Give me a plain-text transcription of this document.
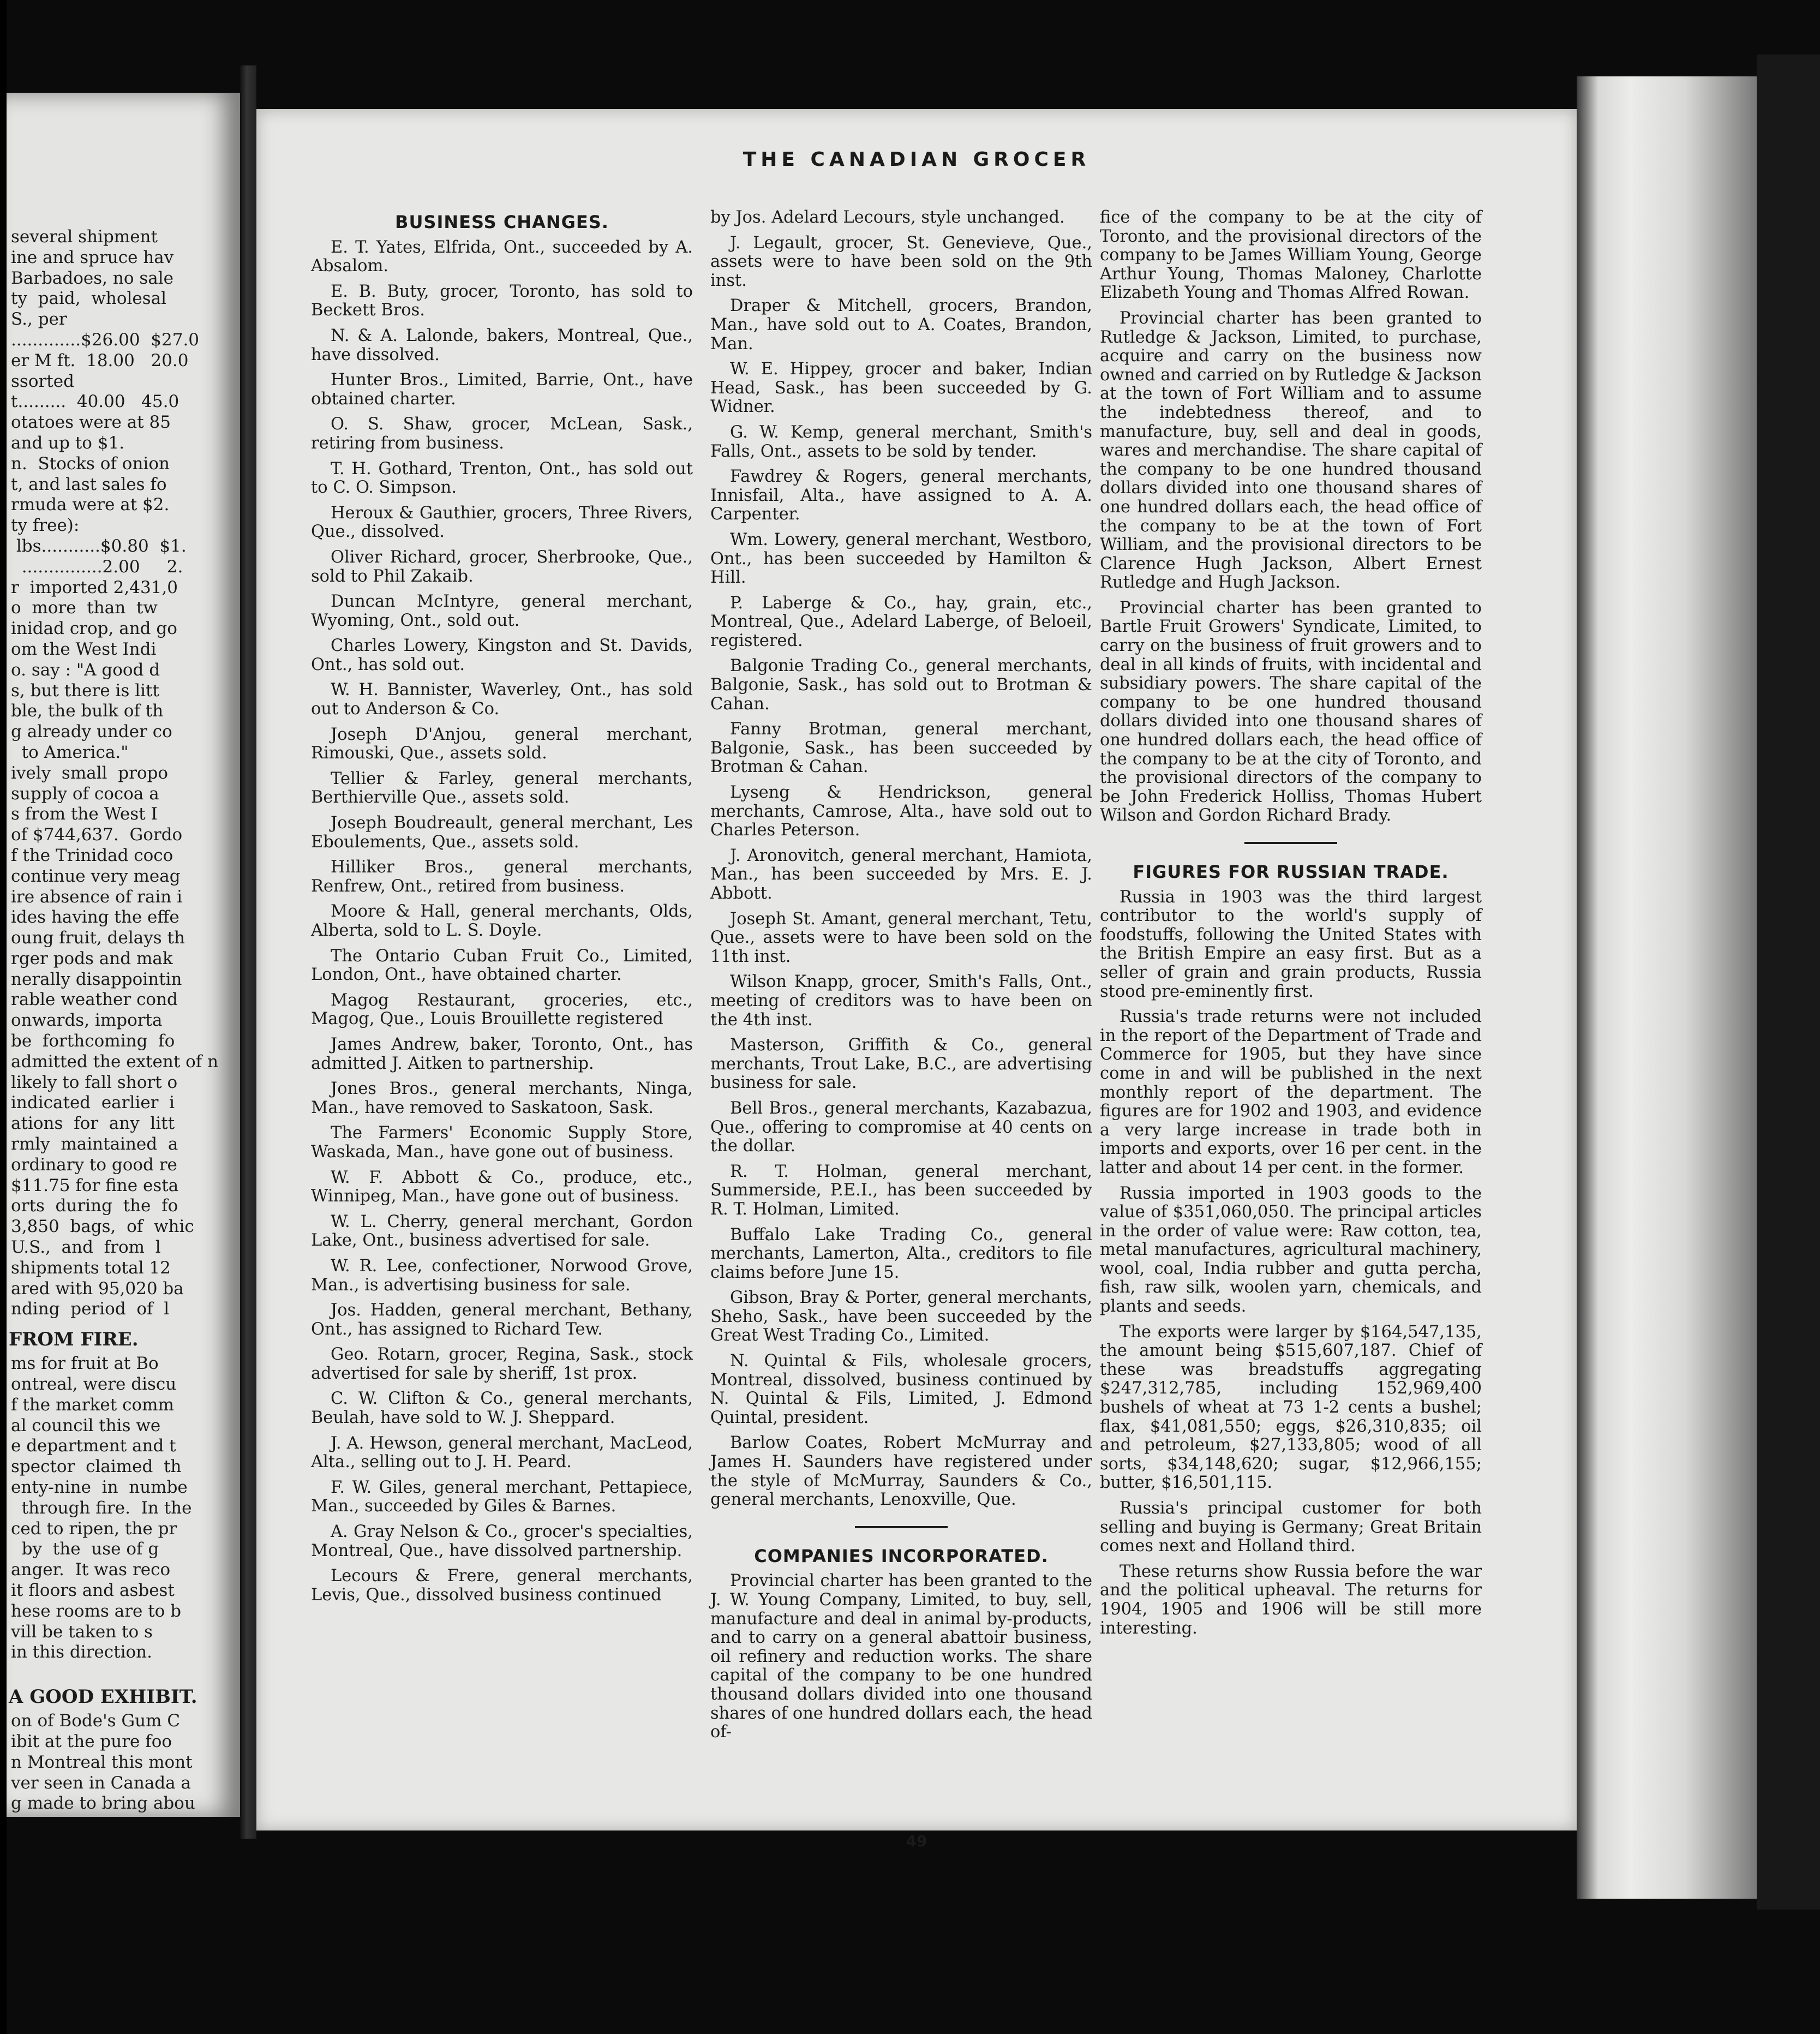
several shipment

ine and spruce hav

Barbadoes, no sale

ty  paid,  wholesal

S., per

.............$26.00  $27.0

er M ft.  18.00   20.0

ssorted

t.........  40.00   45.0

otatoes were at 85

and up to $1.

n.  Stocks of onion

t, and last sales fo

rmuda were at $2.

ty free):

lbs...........$0.80  $1.

...............2.00     2.

r  imported 2,431,0

o  more  than  tw

inidad crop, and go

om the West Indi

o. say : "A good d

s, but there is litt

ble, the bulk of th

g already under co

to America."

ively  small  propo

supply of cocoa a

s from the West I

of $744,637.  Gordo

f the Trinidad coco

continue very meag

ire absence of rain i

ides having the effe

oung fruit, delays th

rger pods and mak

nerally disappointin

rable weather cond

onwards, importa

be  forthcoming  fo

admitted the extent of n

likely to fall short o

indicated  earlier  i

ations  for  any  litt

rmly  maintained  a

ordinary to good re

$11.75 for fine esta

orts  during  the  fo

3,850  bags,  of  whic

U.S.,  and  from  l

shipments total 12

ared with 95,020 ba

nding  period  of  l

FROM FIRE.

ms for fruit at Bo

ontreal, were discu

f the market comm

al council this we

e department and t

spector  claimed  th

enty-nine  in  numbe

through fire.  In the

ced to ripen, the pr

by  the  use of g

anger.  It was reco

it floors and asbest

hese rooms are to b

vill be taken to s

in this direction.

A GOOD EXHIBIT.

on of Bode's Gum C

ibit at the pure foo

n Montreal this mont

ver seen in Canada a

g made to bring abou

THE CANADIAN GROCER
BUSINESS CHANGES.
E. T. Yates, Elfrida, Ont., succeeded by A. Absalom.
E. B. Buty, grocer, Toronto, has sold to Beckett Bros.
N. & A. Lalonde, bakers, Montreal, Que., have dissolved.
Hunter Bros., Limited, Barrie, Ont., have obtained charter.
O. S. Shaw, grocer, McLean, Sask., retiring from business.
T. H. Gothard, Trenton, Ont., has sold out to C. O. Simpson.
Heroux & Gauthier, grocers, Three Rivers, Que., dissolved.
Oliver Richard, grocer, Sherbrooke, Que., sold to Phil Zakaib.
Duncan McIntyre, general merchant, Wyoming, Ont., sold out.
Charles Lowery, Kingston and St. Davids, Ont., has sold out.
W. H. Bannister, Waverley, Ont., has sold out to Anderson & Co.
Joseph D'Anjou, general merchant, Rimouski, Que., assets sold.
Tellier & Farley, general merchants, Berthierville Que., assets sold.
Joseph Boudreault, general merchant, Les Eboulements, Que., assets sold.
Hilliker Bros., general merchants, Renfrew, Ont., retired from business.
Moore & Hall, general merchants, Olds, Alberta, sold to L. S. Doyle.
The Ontario Cuban Fruit Co., Limited, London, Ont., have obtained charter.
Magog Restaurant, groceries, etc., Magog, Que., Louis Brouillette registered
James Andrew, baker, Toronto, Ont., has admitted J. Aitken to partnership.
Jones Bros., general merchants, Ninga, Man., have removed to Saskatoon, Sask.
The Farmers' Economic Supply Store, Waskada, Man., have gone out of business.
W. F. Abbott & Co., produce, etc., Winnipeg, Man., have gone out of business.
W. L. Cherry, general merchant, Gordon Lake, Ont., business advertised for sale.
W. R. Lee, confectioner, Norwood Grove, Man., is advertising business for sale.
Jos. Hadden, general merchant, Bethany, Ont., has assigned to Richard Tew.
Geo. Rotarn, grocer, Regina, Sask., stock advertised for sale by sheriff, 1st prox.
C. W. Clifton & Co., general merchants, Beulah, have sold to W. J. Sheppard.
J. A. Hewson, general merchant, MacLeod, Alta., selling out to J. H. Peard.
F. W. Giles, general merchant, Pettapiece, Man., succeeded by Giles & Barnes.
A. Gray Nelson & Co., grocer's specialties, Montreal, Que., have dissolved partnership.
Lecours & Frere, general merchants, Levis, Que., dissolved business continued
by Jos. Adelard Lecours, style unchanged.
J. Legault, grocer, St. Genevieve, Que., assets were to have been sold on the 9th inst.
Draper & Mitchell, grocers, Brandon, Man., have sold out to A. Coates, Brandon, Man.
W. E. Hippey, grocer and baker, Indian Head, Sask., has been succeeded by G. Widner.
G. W. Kemp, general merchant, Smith's Falls, Ont., assets to be sold by tender.
Fawdrey & Rogers, general merchants, Innisfail, Alta., have assigned to A. A. Carpenter.
Wm. Lowery, general merchant, Westboro, Ont., has been succeeded by Hamilton & Hill.
P. Laberge & Co., hay, grain, etc., Montreal, Que., Adelard Laberge, of Beloeil, registered.
Balgonie Trading Co., general merchants, Balgonie, Sask., has sold out to Brotman & Cahan.
Fanny Brotman, general merchant, Balgonie, Sask., has been succeeded by Brotman & Cahan.
Lyseng & Hendrickson, general merchants, Camrose, Alta., have sold out to Charles Peterson.
J. Aronovitch, general merchant, Hamiota, Man., has been succeeded by Mrs. E. J. Abbott.
Joseph St. Amant, general merchant, Tetu, Que., assets were to have been sold on the 11th inst.
Wilson Knapp, grocer, Smith's Falls, Ont., meeting of creditors was to have been on the 4th inst.
Masterson, Griffith & Co., general merchants, Trout Lake, B.C., are advertising business for sale.
Bell Bros., general merchants, Kazabazua, Que., offering to compromise at 40 cents on the dollar.
R. T. Holman, general merchant, Summerside, P.E.I., has been succeeded by R. T. Holman, Limited.
Buffalo Lake Trading Co., general merchants, Lamerton, Alta., creditors to file claims before June 15.
Gibson, Bray & Porter, general merchants, Sheho, Sask., have been succeeded by the Great West Trading Co., Limited.
N. Quintal & Fils, wholesale grocers, Montreal, dissolved, business continued by N. Quintal & Fils, Limited, J. Edmond Quintal, president.
Barlow Coates, Robert McMurray and James H. Saunders have registered under the style of McMurray, Saunders & Co., general merchants, Lenoxville, Que.
COMPANIES INCORPORATED.

Provincial charter has been granted to the J. W. Young Company, Limited, to buy, sell, manufacture and deal in animal by-products, and to carry on a general abattoir business, oil refinery and reduction works. The share capital of the company to be one hundred thousand dollars divided into one thousand shares of one hundred dollars each, the head of-

fice of the company to be at the city of Toronto, and the provisional directors of the company to be James William Young, George Arthur Young, Thomas Maloney, Charlotte Elizabeth Young and Thomas Alfred Rowan.
Provincial charter has been granted to Rutledge & Jackson, Limited, to purchase, acquire and carry on the business now owned and carried on by Rutledge & Jackson at the town of Fort William and to assume the indebtedness thereof, and to manufacture, buy, sell and deal in goods, wares and merchandise. The share capital of the company to be one hundred thousand dollars divided into one thousand shares of one hundred dollars each, the head office of the company to be at the town of Fort William, and the provisional directors to be Clarence Hugh Jackson, Albert Ernest Rutledge and Hugh Jackson.
Provincial charter has been granted to Bartle Fruit Growers' Syndicate, Limited, to carry on the business of fruit growers and to deal in all kinds of fruits, with incidental and subsidiary powers. The share capital of the company to be one hundred thousand dollars divided into one thousand shares of one hundred dollars each, the head office of the company to be at the city of Toronto, and the provisional directors of the company to be John Frederick Holliss, Thomas Hubert Wilson and Gordon Richard Brady.
FIGURES FOR RUSSIAN TRADE.
Russia in 1903 was the third largest contributor to the world's supply of foodstuffs, following the United States with the British Empire an easy first. But as a seller of grain and grain products, Russia stood pre-eminently first.
Russia's trade returns were not included in the report of the Department of Trade and Commerce for 1905, but they have since come in and will be published in the next monthly report of the department. The figures are for 1902 and 1903, and evidence a very large increase in trade both in imports and exports, over 16 per cent. in the latter and about 14 per cent. in the former.
Russia imported in 1903 goods to the value of $351,060,050. The principal articles in the order of value were: Raw cotton, tea, metal manufactures, agricultural machinery, wool, coal, India rubber and gutta percha, fish, raw silk, woolen yarn, chemicals, and plants and seeds.
The exports were larger by $164,547,135, the amount being $515,607,187. Chief of these was breadstuffs aggregating $247,312,785, including 152,969,400 bushels of wheat at 73 1-2 cents a bushel; flax, $41,081,550; eggs, $26,310,835; oil and petroleum, $27,133,805; wood of all sorts, $34,148,620; sugar, $12,966,155; butter, $16,501,115.
Russia's principal customer for both selling and buying is Germany; Great Britain comes next and Holland third.
These returns show Russia before the war and the political upheaval. The returns for 1904, 1905 and 1906 will be still more interesting.
49
